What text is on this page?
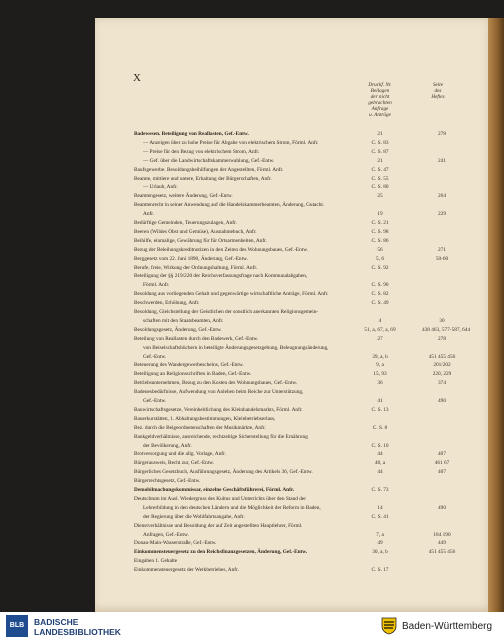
X
Druckf. Nr.
Beilagen
der nicht
gebrachten
Anfrage
u. Anträge
Seite
des
Heftes
Badewesen. Beteiligung von Reallasten, Gef.-Entw.	21	278
— Anzeigen über zu hohe Preise für Abgabe von elektrischem Strom, Förml. Anfr.	C. S. 83
— Preise für den Bezug von elektrischem Strom, Anfr.	C. S. 87
— Gef. über die Landwirtschaftskammerwahlung, Gef.-Entw.	21	241
Baufsgewerbe. Besoldungsbeihilfungen der Angestellten, Förml. Anfr.	C. S. 47
Beamte, mittlere und untere, Erhaltung der Bürgerschaften, Anfr.	C. S. 55
— Urlaub, Anfr.	C. S. 80
Beamtengesetz, weitere Änderung, Gef.-Entw.	25	264
Beamtenrecht in seiner Anwendung auf die Handelskammerbeamten, Änderung, Gutacht.
Anfr.	19	229
Bedürftige Gemeinden, Teuerungszulagen, Anfr.	C. S. 21
Beeren (Wildes Obst und Gemüse), Ausnahmebuch, Anfr.	C. S. 98
Beihilfe, einmalige, Gewährung für für Ortsarmenbeiten, Anfr.	C. S. 86
Bezug der Beleihungskreditnotizen in den Zeiten des Wohnungsbaues, Gef.-Entw.	56	271
Berggesetz vom 22. Juni 1890, Änderung, Gef.-Entw.	5, 6	50-60
Berufe, freie, Wirkung der Ordnungshaltung, Förml. Anfr.	C. S. 92
Beteiligung der §§ 219/220 der Reichsverfassungsfrage nach Kommunalabgaben,
Förml. Anfr.	C. S. 90
Besoldung aus vorliegenden Gehalt und gegenwärtige wirtschaftliche Anträge, Förml. Anfr.	C. S. 82
Beschwerden, Erhöhung, Anfr.	C. S. 49
Besoldung, Gleichstellung der Geistlichen der sonstlich anerkannten Religionsgemein-
schaften mit den Staatsbeamten, Anfr.	4	30
Besoldungsgesetz, Änderung, Gef.-Entw.	51, a, 67, a, 69	438 463, 577-587, 644
Beteilung von Reallasten durch den Badewerk, Gef.-Entw.	27	278
von Beiselschaftsbüchern in beteiligte Änderungsgesetzgebung, Beleugnungsänderung,
Gef.-Entw.	39, a, b	451 455 456
Beteuerung des Wandergewerbescheins, Gef.-Entw.	9, a	201/202
Beteiligung an Religionsschriften in Baden, Gef.-Entw.	15, 93	220, 229
Betriebsunternehmen, Bezug zu den Kosten des Wohnungsbaues, Gef.-Entw.	36	374
Badenesbedürfnisse, Aufwendung von Anlehen beim Reiche zur Unterstützung,
Gef.-Entw.	41	490
Bauwirtschaftsgesetze, Vereinheitlichung des Kleinhandelsmarkts, Förml. Anfr.	C. S. 13
Bauerkurstätten, 1. Abhaltungsbestimmungen, Kleinbetriebserlass,
Bez. durch die Beigeordnetenschaften der Musikmärkte, Anfr.	C. S. 8
Bankgeldverhältnisse, ausreichende, rechtzeitige Sicherstellung für die Ernährung
der Bevölkerung, Anfr.	C. S. 10
Brotversorgung und die allg. Vorlage, Anfr.	44	407
Bürgerausweis, Recht zur, Gef.-Entw.	48, a	461 67
Bürgerliches Gesetzbuch, Ausführungsgesetz, Änderung des Artikels 36, Gef.-Entw.	44	407
Bürgerrechtsgesetz, Gef.-Entw.
Demobilmachungskommissar, einzelne Geschäftsführerei, Förml. Anfr.	C. S. 73
Deutschtum im Ausl. Wiedergruss des Kultus und Unterrichts über den Stand der
Lehrerbildung in den deutschen Ländern und die Möglichkeit der Reform in Baden,	14	490
der Regierung über die Wohlfahrtsangabe, Anfr.	C. S. 41
Dienstverhältnisse und Besoldung der auf Zeit angestellten Hauptlehrer, Förml.
Anfragen, Gef.-Entw.	7, a	184 190
Donau-Main-Wasserstraße, Gef.-Entw.	49	449
Einkommensteuergesetz zu den Reichsfinanzgesetzen, Änderung, Gef.-Entw.	30, a, b	451 455 456
Eingaben 1. Gehalte
Einkommensteuergesetz der Werkbetriebes, Anfr.	C. S. 17
BLB	BADISCHE
LANDESBIBLIOTHEK	Baden-Württemberg
